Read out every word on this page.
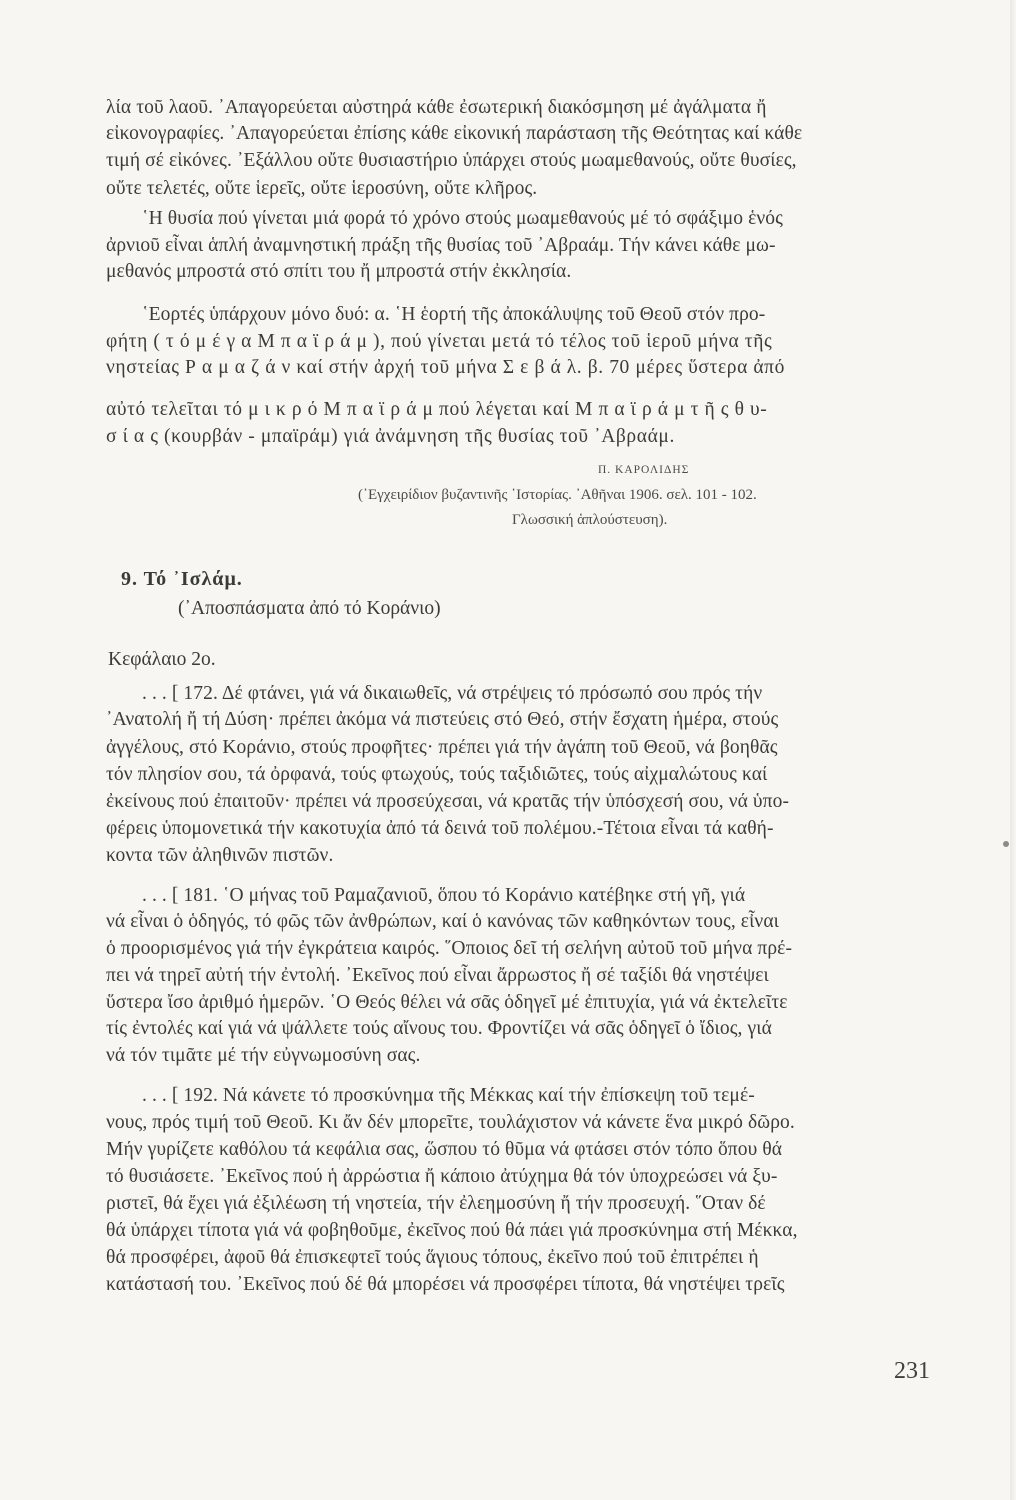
λία τοῦ λαοῦ. ᾿Απαγορεύεται αὐστηρά κάθε ἐσωτερική διακόσμηση μέ ἀγάλματα ἤ
εἰκονογραφίες. ᾿Απαγορεύεται ἐπίσης κάθε εἰκονική παράσταση τῆς Θεότητας καί κάθε
τιμή σέ εἰκόνες. ᾿Εξάλλου οὔτε θυσιαστήριο ὑπάρχει στούς μωαμεθανούς, οὔτε θυσίες,
οὔτε τελετές, οὔτε ἱερεῖς, οὔτε ἱεροσύνη, οὔτε κλῆρος.
῾Η θυσία πού γίνεται μιά φορά τό χρόνο στούς μωαμεθανούς μέ τό σφάξιμο ἑνός
ἀρνιοῦ εἶναι ἁπλή ἀναμνηστική πράξη τῆς θυσίας τοῦ ᾿Αβραάμ. Τήν κάνει κάθε μω-
μεθανός μπροστά στό σπίτι του ἤ μπροστά στήν ἐκκλησία.
῾Εορτές ὑπάρχουν μόνο δυό: α. ῾Η ἑορτή τῆς ἀποκάλυψης τοῦ Θεοῦ στόν προ-
φήτη ( τ ό μ έ γ α Μ π α ϊ ρ ά μ ), πού γίνεται μετά τό τέλος τοῦ ἱεροῦ μήνα τῆς
νηστείας Ρ α μ α ζ ά ν καί στήν ἀρχή τοῦ μήνα Σ ε β ά λ. β. 70 μέρες ὕστερα ἀπό
αὐτό τελεῖται τό μ ι κ ρ ό Μ π α ϊ ρ ά μ πού λέγεται καί Μ π α ϊ ρ ά μ τ ῆ ς θ υ-
σ ί α ς (κουρβάν - μπαϊράμ) γιά ἀνάμνηση τῆς θυσίας τοῦ ᾿Αβραάμ.
Π. ΚΑΡΟΛΙΔΗΣ
(᾿Εγχειρίδιον βυζαντινῆς ῾Ιστορίας. ᾿Αθῆναι 1906. σελ. 101 - 102.
Γλωσσική ἁπλούστευση).
9. Τό ᾿Ισλάμ.
(᾿Αποσπάσματα ἀπό τό Κοράνιο)
Κεφάλαιο 2ο.
. . . [ 172. Δέ φτάνει, γιά νά δικαιωθεῖς, νά στρέψεις τό πρόσωπό σου πρός τήν
᾿Ανατολή ἤ τή Δύση· πρέπει ἀκόμα νά πιστεύεις στό Θεό, στήν ἔσχατη ἡμέρα, στούς
ἀγγέλους, στό Κοράνιο, στούς προφῆτες· πρέπει γιά τήν ἀγάπη τοῦ Θεοῦ, νά βοηθᾶς
τόν πλησίον σου, τά ὀρφανά, τούς φτωχούς, τούς ταξιδιῶτες, τούς αἰχμαλώτους καί
ἐκείνους πού ἐπαιτοῦν· πρέπει νά προσεύχεσαι, νά κρατᾶς τήν ὑπόσχεσή σου, νά ὑπο-
φέρεις ὑπομονετικά τήν κακοτυχία ἀπό τά δεινά τοῦ πολέμου.-Τέτοια εἶναι τά καθή-
κοντα τῶν ἀληθινῶν πιστῶν.
. . . [ 181. ῾Ο μήνας τοῦ Ραμαζανιοῦ, ὅπου τό Κοράνιο κατέβηκε στή γῆ, γιά
νά εἶναι ὁ ὁδηγός, τό φῶς τῶν ἀνθρώπων, καί ὁ κανόνας τῶν καθηκόντων τους, εἶναι
ὁ προορισμένος γιά τήν ἐγκράτεια καιρός. ῞Οποιος δεῖ τή σελήνη αὐτοῦ τοῦ μήνα πρέ-
πει νά τηρεῖ αὐτή τήν ἐντολή. ᾿Εκεῖνος πού εἶναι ἄρρωστος ἤ σέ ταξίδι θά νηστέψει
ὕστερα ἴσο ἀριθμό ἡμερῶν. ῾Ο Θεός θέλει νά σᾶς ὁδηγεῖ μέ ἐπιτυχία, γιά νά ἐκτελεῖτε
τίς ἐντολές καί γιά νά ψάλλετε τούς αἴνους του. Φροντίζει νά σᾶς ὁδηγεῖ ὁ ἴδιος, γιά
νά τόν τιμᾶτε μέ τήν εὐγνωμοσύνη σας.
. . . [ 192. Νά κάνετε τό προσκύνημα τῆς Μέκκας καί τήν ἐπίσκεψη τοῦ τεμέ-
νους, πρός τιμή τοῦ Θεοῦ. Κι ἄν δέν μπορεῖτε, τουλάχιστον νά κάνετε ἕνα μικρό δῶρο.
Μήν γυρίζετε καθόλου τά κεφάλια σας, ὥσπου τό θῦμα νά φτάσει στόν τόπο ὅπου θά
τό θυσιάσετε. ᾿Εκεῖνος πού ἡ ἀρρώστια ἤ κάποιο ἀτύχημα θά τόν ὑποχρεώσει νά ξυ-
ριστεῖ, θά ἔχει γιά ἐξιλέωση τή νηστεία, τήν ἐλεημοσύνη ἤ τήν προσευχή. ῞Οταν δέ
θά ὑπάρχει τίποτα γιά νά φοβηθοῦμε, ἐκεῖνος πού θά πάει γιά προσκύνημα στή Μέκκα,
θά προσφέρει, ἀφοῦ θά ἐπισκεφτεῖ τούς ἅγιους τόπους, ἐκεῖνο πού τοῦ ἐπιτρέπει ἡ
κατάστασή του. ᾿Εκεῖνος πού δέ θά μπορέσει νά προσφέρει τίποτα, θά νηστέψει τρεῖς
231
